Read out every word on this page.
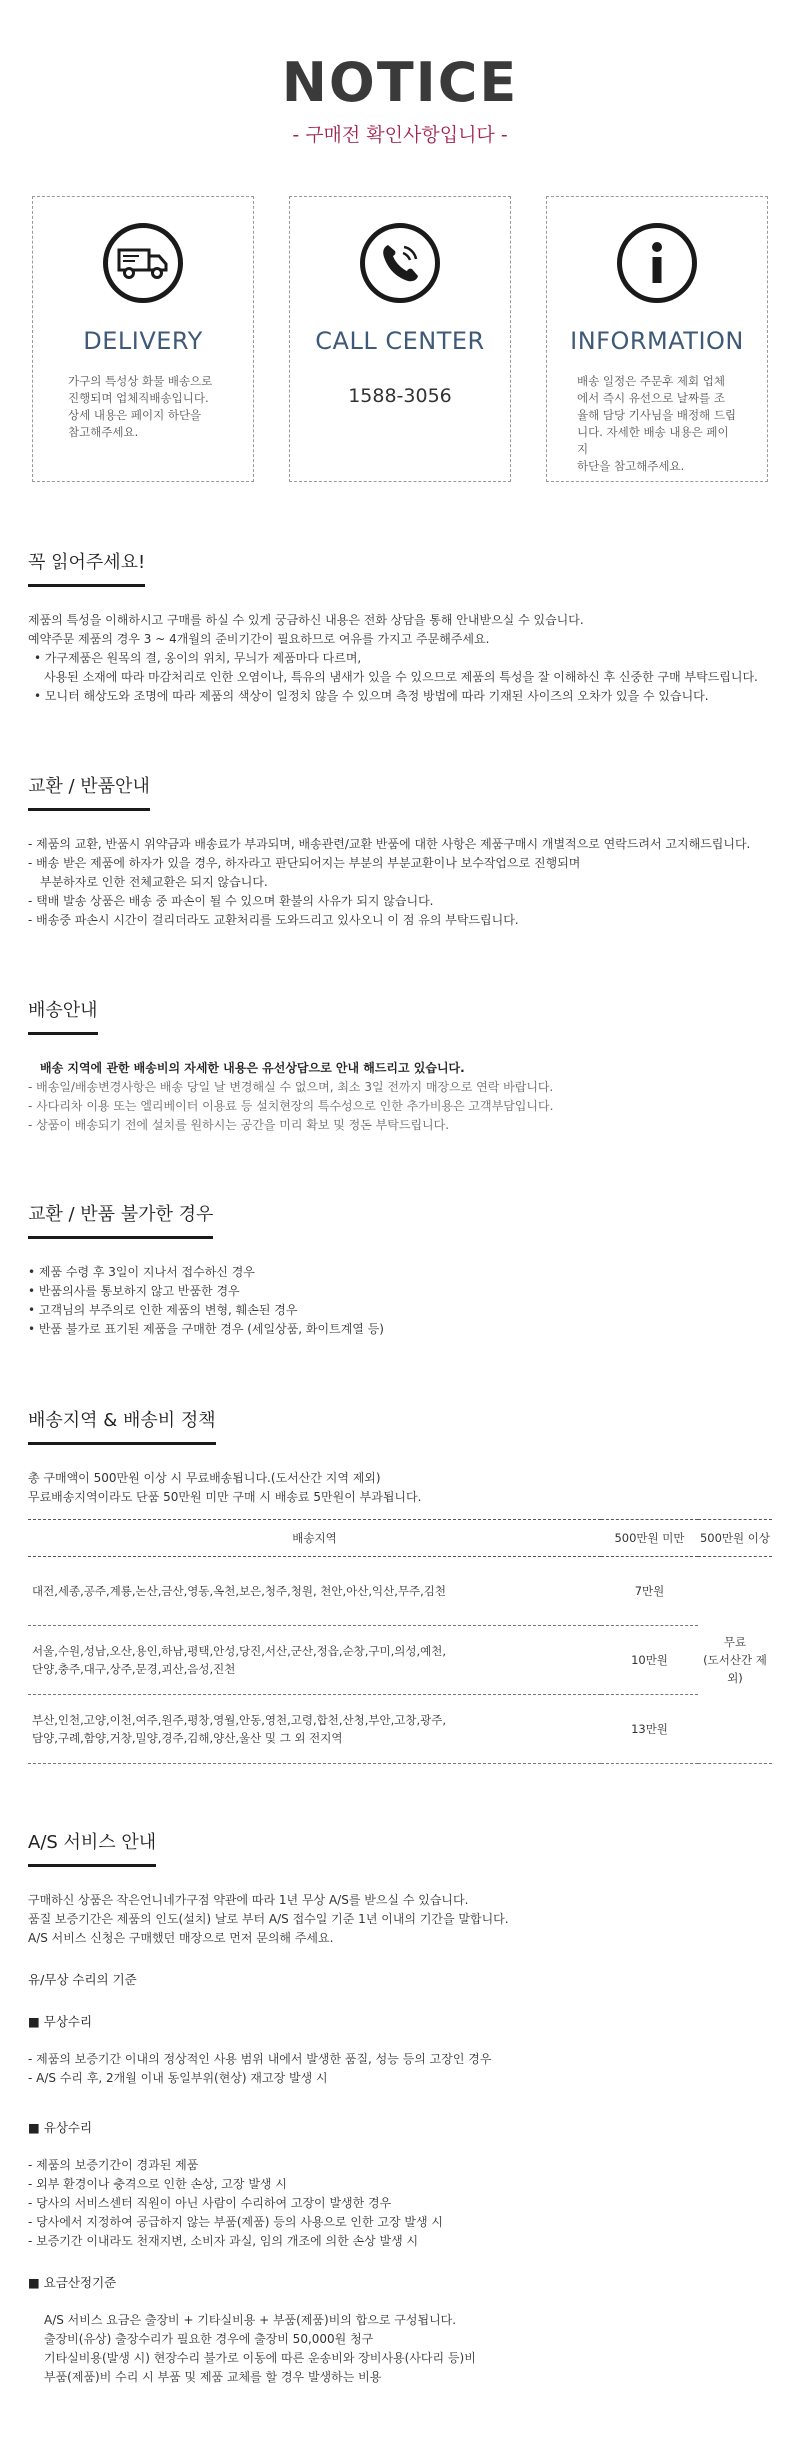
NOTICE
- 구매전 확인사항입니다 -
DELIVERY
가구의 특성상 화물 배송으로
진행되며 업체직배송입니다.
상세 내용은 페이지 하단을
참고해주세요.
CALL CENTER
1588-3056
INFORMATION
배송 일정은 주문후 제회 업체
에서 즉시 유선으로 날짜를 조
율해 담당 기사님을 배정해 드립
니다. 자세한 배송 내용은 페이지
하단을 참고해주세요.
꼭 읽어주세요!
제품의 특성을 이해하시고 구매를 하실 수 있게 궁금하신 내용은 전화 상담을 통해 안내받으실 수 있습니다.
예약주문 제품의 경우 3 ~ 4개월의 준비기간이 필요하므로 여유를 가지고 주문해주세요.
• 가구제품은 원목의 결, 옹이의 위치, 무늬가 제품마다 다르며,
사용된 소재에 따라 마감처리로 인한 오염이나, 특유의 냄새가 있을 수 있으므로 제품의 특성을 잘 이해하신 후 신중한 구매 부탁드립니다.
• 모니터 해상도와 조명에 따라 제품의 색상이 일정치 않을 수 있으며 측정 방법에 따라 기재된 사이즈의 오차가 있을 수 있습니다.
교환 / 반품안내
- 제품의 교환, 반품시 위약금과 배송료가 부과되며, 배송관련/교환 반품에 대한 사항은 제품구매시 개별적으로 연락드려서 고지해드립니다.
- 배송 받은 제품에 하자가 있을 경우, 하자라고 판단되어지는 부분의 부분교환이나 보수작업으로 진행되며
부분하자로 인한 전체교환은 되지 않습니다.
- 택배 발송 상품은 배송 중 파손이 될 수 있으며 환불의 사유가 되지 않습니다.
- 배송중 파손시 시간이 걸리더라도 교환처리를 도와드리고 있사오니 이 점 유의 부탁드립니다.
배송안내
배송 지역에 관한 배송비의 자세한 내용은 유선상담으로 안내 해드리고 있습니다.
- 배송일/배송변경사항은 배송 당일 날 변경해실 수 없으며, 최소 3일 전까지 매장으로 연락 바랍니다.
- 사다리차 이용 또는 엘리베이터 이용료 등 설치현장의 특수성으로 인한 추가비용은 고객부담입니다.
- 상품이 배송되기 전에 설치를 원하시는 공간을 미리 확보 및 정돈 부탁드립니다.
교환 / 반품 불가한 경우
• 제품 수령 후 3일이 지나서 접수하신 경우
• 반품의사를 통보하지 않고 반품한 경우
• 고객님의 부주의로 인한 제품의 변형, 훼손된 경우
• 반품 불가로 표기된 제품을 구매한 경우 (세일상품, 화이트계열 등)
배송지역 & 배송비 정책
총 구매액이 500만원 이상 시 무료배송됩니다.(도서산간 지역 제외)
무료배송지역이라도 단품 50만원 미만 구매 시 배송료 5만원이 부과됩니다.
배송지역	500만원 미만	500만원 이상

대전,세종,공주,계룡,논산,금산,영동,옥천,보은,청주,청원, 천안,아산,익산,무주,김천	7만원	무료
(도서산간 제외)

서울,수원,성남,오산,용인,하남,평택,안성,당진,서산,군산,정읍,순창,구미,의성,예천,
단양,충주,대구,상주,문경,괴산,음성,진천	10만원	

부산,인천,고양,이천,여주,원주,평창,영월,안동,영천,고령,합천,산청,부안,고창,광주,
담양,구례,함양,거창,밀양,경주,김해,양산,울산 및 그 외 전지역	13만원	
A/S 서비스 안내
구매하신 상품은 작은언니네가구점 약관에 따라 1년 무상 A/S를 받으실 수 있습니다.
품질 보증기간은 제품의 인도(설치) 날로 부터 A/S 접수일 기준 1년 이내의 기간을 말합니다.
A/S 서비스 신청은 구매했던 매장으로 먼저 문의해 주세요.
유/무상 수리의 기준
■ 무상수리
- 제품의 보증기간 이내의 정상적인 사용 범위 내에서 발생한 품질, 성능 등의 고장인 경우
- A/S 수리 후, 2개월 이내 동일부위(현상) 재고장 발생 시
■ 유상수리
- 제품의 보증기간이 경과된 제품
- 외부 환경이나 충격으로 인한 손상, 고장 발생 시
- 당사의 서비스센터 직원이 아닌 사람이 수리하여 고장이 발생한 경우
- 당사에서 지정하여 공급하지 않는 부품(제품) 등의 사용으로 인한 고장 발생 시
- 보증기간 이내라도 천재지변, 소비자 과실, 임의 개조에 의한 손상 발생 시
■ 요금산정기준
A/S 서비스 요금은 출장비 + 기타실비용 + 부품(제품)비의 합으로 구성됩니다.
출장비(유상) 출장수리가 필요한 경우에 출장비 50,000원 청구
기타실비용(발생 시) 현장수리 불가로 이동에 따른 운송비와 장비사용(사다리 등)비
부품(제품)비 수리 시 부품 및 제품 교체를 할 경우 발생하는 비용
